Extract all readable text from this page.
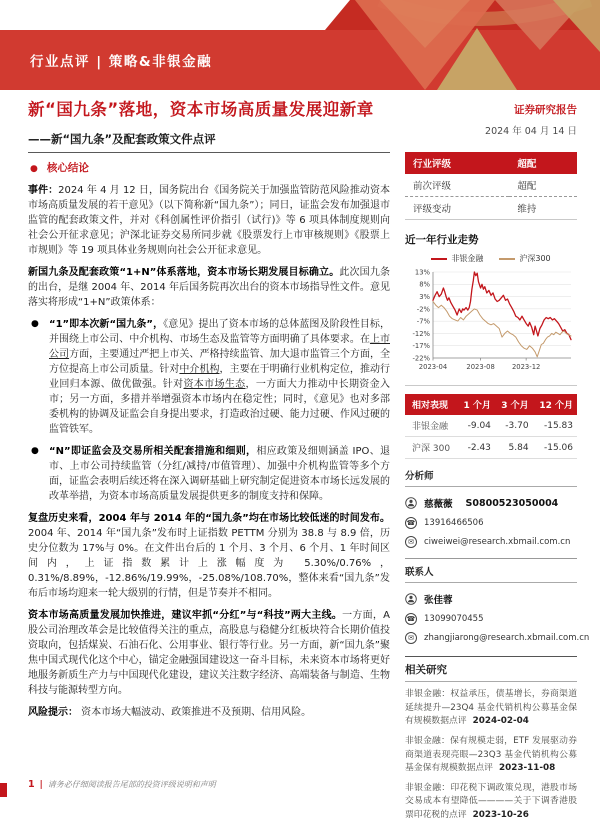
行业点评 | 策略&非银金融
新“国九条”落地，资本市场高质量发展迎新章
——新“国九条”及配套政策文件点评
证券研究报告
2024 年 04 月 14 日
● 核心结论
事件：2024 年 4 月 12 日，国务院出台《国务院关于加强监管防范风险推动资本市场高质量发展的若干意见》（以下简称新“国九条”）；同日，证监会发布加强退市监管的配套政策文件，并对《科创属性评价指引（试行)》等 6 项具体制度规则向社会公开征求意见；沪深北证券交易所同步就《股票发行上市审核规则》《股票上市规则》等 19 项具体业务规则向社会公开征求意见。
新国九条及配套政策“1+N”体系落地，资本市场长期发展目标确立。此次国九条的出台，是继 2004 年、2014 年后国务院再次出台的资本市场指导性文件。意见落实将形成“1+N”政策体系：
● “1”即本次新“国九条”，《意见》提出了资本市场的总体蓝图及阶段性目标，并围绕上市公司、中介机构、市场生态及监管等方面明确了具体要求。在上市公司方面，主要通过严把上市关、严格持续监管、加大退市监管三个方面，全方位提高上市公司质量。针对中介机构，主要在于明确行业机构定位，推动行业回归本源、做优做强。针对资本市场生态，一方面大力推动中长期资金入市；另一方面，多措并举增强资本市场内在稳定性；同时，《意见》也对多部委机构的协调及证监会自身提出要求，打造政治过硬、能力过硬、作风过硬的监管铁军。
● “N”即证监会及交易所相关配套措施和细则，相应政策及细则涵盖 IPO、退市、上市公司持续监管（分红/减持/市值管理）、加强中介机构监管等多个方面，证监会表明后续还将在深入调研基础上研究制定促进资本市场长远发展的改革举措，为资本市场高质量发展提供更多的制度支持和保障。
复盘历史来看，2004 年与 2014 年的“国九条”均在市场比较低迷的时间发布。2004 年、2014 年“国九条”发布时上证指数 PETTM 分别为 38.8 与 8.9 倍，历史分位数为 17%与 0%。在文件出台后的 1 个月、3 个月、6 个月、1 年时间区间内，上证指数累计上涨幅度为 5.30%/0.76%，0.31%/8.89%，-12.86%/19.99%，-25.08%/108.70%，整体来看“国九条”发布后市场均迎来一轮大级别的行情，但是节奏并不相同。
资本市场高质量发展加快推进，建议牢抓“分红”与“科技”两大主线。一方面，A 股公司治理改革会是比较值得关注的重点，高股息与稳健分红板块符合长期价值投资取向，包括煤炭、石油石化、公用事业、银行等行业。另一方面，新“国九条”聚焦中国式现代化这个中心，锚定金融强国建设这一奋斗目标，未来资本市场将更好地服务新质生产力与中国现代化建设，建议关注数字经济、高端装备与制造、生物科技与能源转型方向。
风险提示： 资本市场大幅波动、政策推进不及预期、信用风险。
行业评级	超配
前次评级	超配
评级变动	维持
近一年行业走势
非银金融	沪深300
13%
8%
3%
-2%
-7%
-12%
-17%
-22%
2023-04	2023-08	2023-12
相对表现	1 个月	3 个月	12 个月
非银金融	-9.04	-3.70	-15.83
沪深 300	-2.43	5.84	-15.06
分析师
慈薇薇 S0800523050004
☎ 13916466506
✉	ciweiwei@research.xbmail.com.cn
联系人
张佳蓉
☎ 13099070455
✉	zhangjiarong@research.xbmail.com.cn
相关研究
非银金融：权益承压，债基增长，券商渠道延续提升—23Q4 基金代销机构公募基金保有规模数据点评 2024-02-04
非银金融：保有规模走弱，ETF 发展驱动券商渠道表现亮眼—23Q3 基金代销机构公募基金保有规模数据点评 2023-11-08
非银金融：印花税下调政策兑现，港股市场交易成本有望降低————关于下调香港股票印花税的点评 2023-10-26
1 | 请务必仔细阅读报告尾部的投资评级说明和声明
